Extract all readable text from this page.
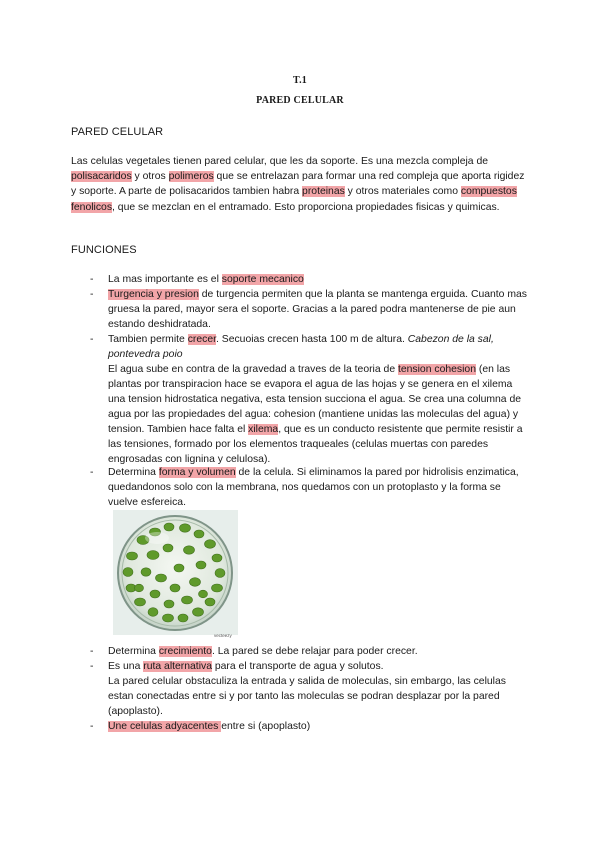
T.1
PARED CELULAR
PARED CELULAR
Las celulas vegetales tienen pared celular, que les da soporte. Es una mezcla compleja de polisacaridos y otros polimeros que se entrelazan para formar una red compleja que aporta rigidez y soporte. A parte de polisacaridos tambien habra proteinas y otros materiales como compuestos fenolicos, que se mezclan en el entramado. Esto proporciona propiedades fisicas y quimicas.
FUNCIONES
- La mas importante es el soporte mecanico
- Turgencia y presion de turgencia permiten que la planta se mantenga erguida. Cuanto mas gruesa la pared, mayor sera el soporte. Gracias a la pared podra mantenerse de pie aun estando deshidratada.
- Tambien permite crecer. Secuoias crecen hasta 100 m de altura. Cabezon de la sal, pontevedra poio
El agua sube en contra de la gravedad a traves de la teoria de tension cohesion (en las plantas por transpiracion hace se evapora el agua de las hojas y se genera en el xilema una tension hidrostatica negativa, esta tension succiona el agua. Se crea una columna de agua por las propiedades del agua: cohesion (mantiene unidas las moleculas del agua) y tension. Tambien hace falta el xilema, que es un conducto resistente que permite resistir a las tensiones, formado por los elementos traqueales (celulas muertas con paredes engrosadas con lignina y celulosa).
- Determina forma y volumen de la celula. Si eliminamos la pared por hidrolisis enzimatica, quedandonos solo con la membrana, nos quedamos con un protoplasto y la forma se vuelve esfereica.
- Determina crecimiento. La pared se debe relajar para poder crecer.
- Es una ruta alternativa para el transporte de agua y solutos.
La pared celular obstaculiza la entrada y salida de moleculas, sin embargo, las celulas estan conectadas entre si y por tanto las moleculas se podran desplazar por la pared (apoplasto).
- Une celulas adyacentes entre si (apoplasto)
vecteezy
